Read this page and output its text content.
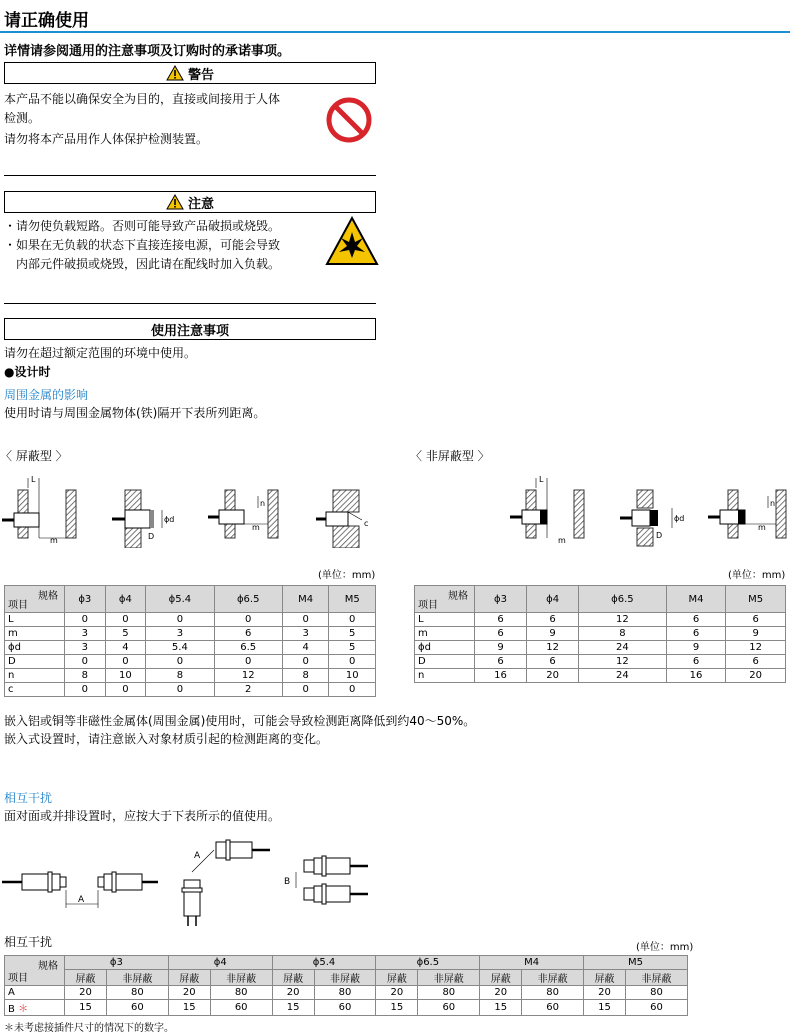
请正确使用
详情请参阅通用的注意事项及订购时的承诺事项。
警告
本产品不能以确保安全为目的，直接或间接用于人体
检测。
请勿将本产品用作人体保护检测装置。
注意
・请勿使负载短路。否则可能导致产品破损或烧毁。
・如果在无负载的状态下直接连接电源，可能会导致
内部元件破损或烧毁，因此请在配线时加入负载。
使用注意事项
请勿在超过额定范围的环境中使用。
●设计时
周围金属的影响
使用时请与周围金属物体(铁)隔开下表所列距离。
〈 屏蔽型 〉	〈 非屏蔽型 〉
L
m
ϕd
D
n
m	c
L
m
ϕd
D
n
m
(单位：mm)	(单位：mm)
规格
项目	ϕ3	ϕ4	ϕ5.4	ϕ6.5	M4	M5
L	0	0	0	0	0	0
m	3	5	3	6	3	5
ϕd	3	4	5.4	6.5	4	5
D	0	0	0	0	0	0
n	8	10	8	12	8	10
c	0	0	0	2	0	0
规格
项目	ϕ3	ϕ4	ϕ6.5	M4	M5
L	6	6	12	6	6
m	6	9	8	6	9
ϕd	9	12	24	9	12
D	6	6	12	6	6
n	16	20	24	16	20
嵌入铝或铜等非磁性金属体(周围金属)使用时，可能会导致检测距离降低到约40～50%。
嵌入式设置时，请注意嵌入对象材质引起的检测距离的变化。
相互干扰
面对面或并排设置时，应按大于下表所示的值使用。
A
A
B
相互干扰	(单位：mm)
规格
项目	ϕ3		ϕ4		ϕ5.4		ϕ6.5		M4		M5	
	屏蔽	非屏蔽	屏蔽	非屏蔽	屏蔽	非屏蔽	屏蔽	非屏蔽	屏蔽	非屏蔽	屏蔽	非屏蔽
A	20	80	20	80	20	80	20	80	20	80	20	80
B ＊	15	60	15	60	15	60	15	60	15	60	15	60
＊未考虑接插件尺寸的情况下的数字。
